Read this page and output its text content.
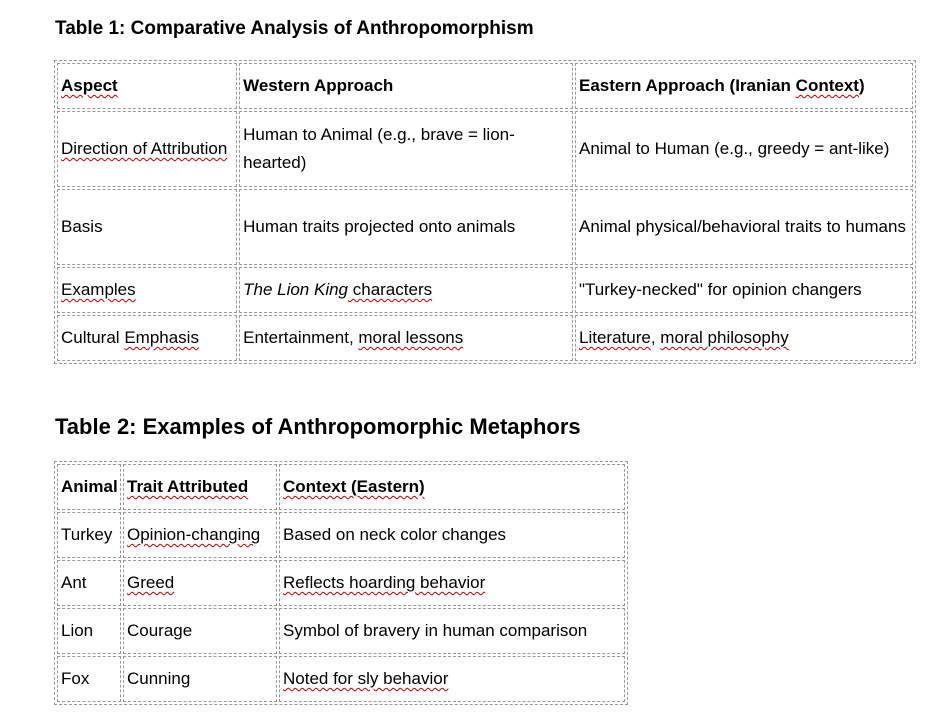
Table 1: Comparative Analysis of Anthropomorphism
Aspect	Western Approach	Eastern Approach (Iranian Context)
Direction of Attribution	Human to Animal (e.g., brave = lion-hearted)	Animal to Human (e.g., greedy = ant-like)
Basis	Human traits projected onto animals	Animal physical/behavioral traits to humans
Examples	The Lion King characters	"Turkey-necked" for opinion changers
Cultural Emphasis	Entertainment, moral lessons	Literature, moral philosophy
Table 2: Examples of Anthropomorphic Metaphors
Animal	Trait Attributed	Context (Eastern)
Turkey	Opinion-changing	Based on neck color changes
Ant	Greed	Reflects hoarding behavior
Lion	Courage	Symbol of bravery in human comparison
Fox	Cunning	Noted for sly behavior
